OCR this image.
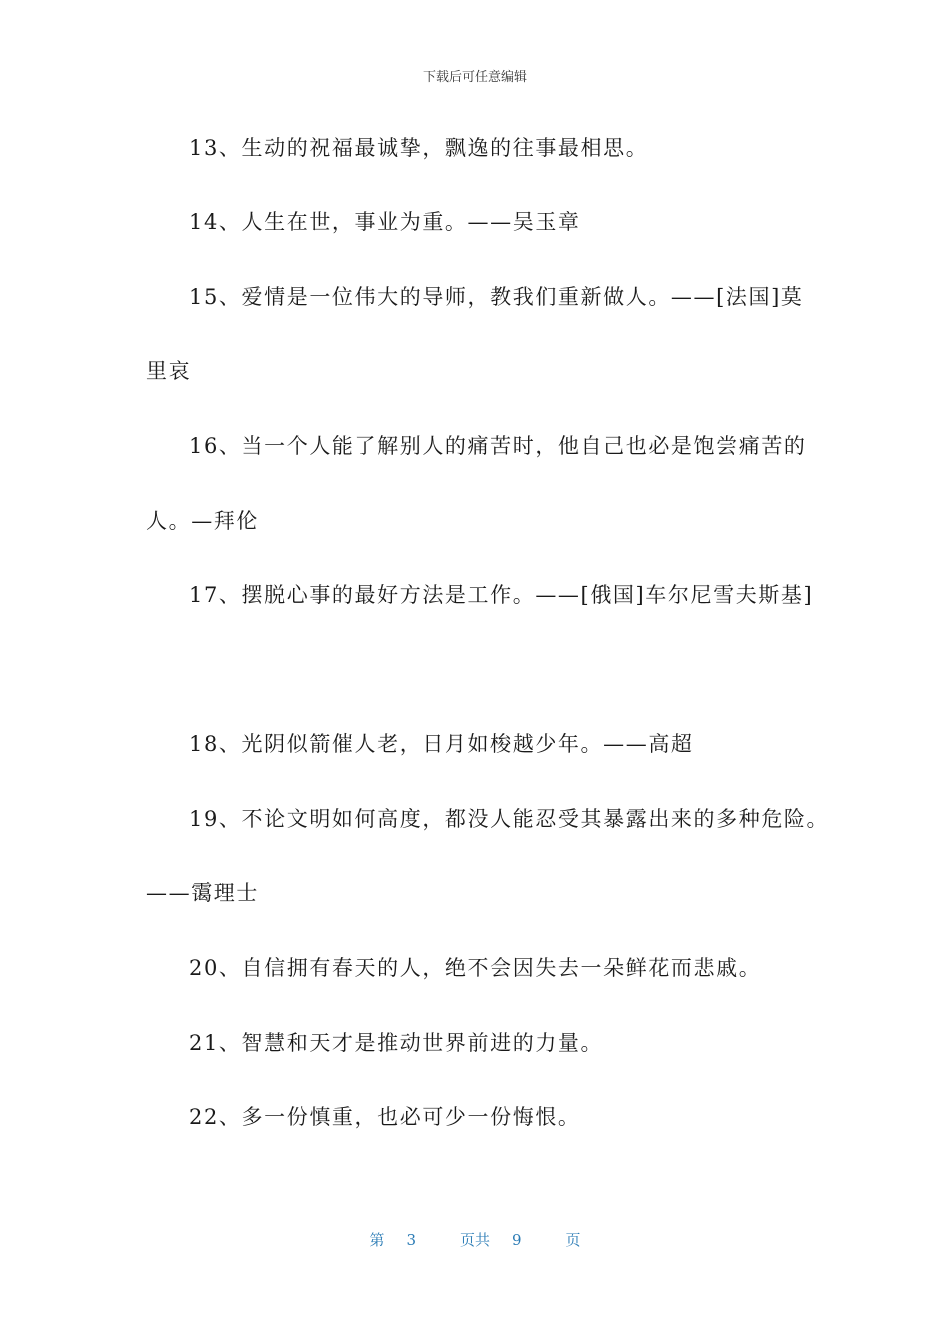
下载后可任意编辑
13、生动的祝福最诚挚，飘逸的往事最相思。
14、人生在世，事业为重。——吴玉章
15、爱情是一位伟大的导师，教我们重新做人。——[法国]莫
里哀
16、当一个人能了解别人的痛苦时，他自己也必是饱尝痛苦的
人。—拜伦
17、摆脱心事的最好方法是工作。——[俄国]车尔尼雪夫斯基]
18、光阴似箭催人老，日月如梭越少年。——高超
19、不论文明如何高度，都没人能忍受其暴露出来的多种危险。
——霭理士
20、自信拥有春天的人，绝不会因失去一朵鲜花而悲戚。
21、智慧和天才是推动世界前进的力量。
22、多一份慎重，也必可少一份悔恨。
第 3	页共 9	页
